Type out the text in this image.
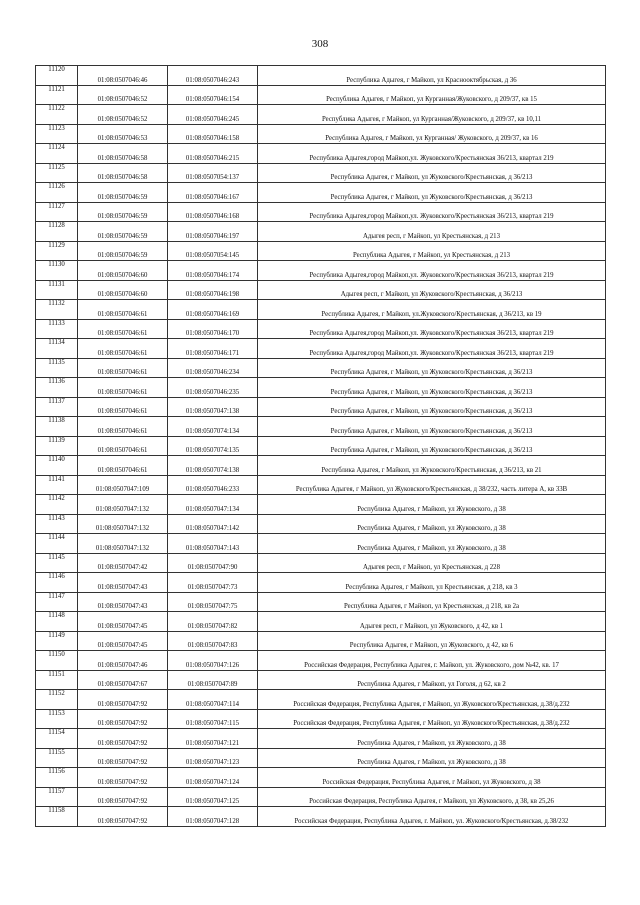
308
11120	01:08:0507046:46	01:08:0507046:243	Республика Адыгея, г Майкоп, ул Краснооктябрьская, д 36
11121	01:08:0507046:52	01:08:0507046:154	Республика Адыгея, г Майкоп, ул Курганная/Жуковского, д 209/37, кв 15
11122	01:08:0507046:52	01:08:0507046:245	Республика Адыгея, г Майкоп, ул Курганная/Жуковского, д 209/37, кв 10,11
11123	01:08:0507046:53	01:08:0507046:158	Республика Адыгея, г Майкоп, ул Курганная/ Жуковского, д 209/37, кв 16
11124	01:08:0507046:58	01:08:0507046:215	Республика Адыгея,город Майкоп,ул. Жуковского/Крестьянская 36/213, квартал 219
11125	01:08:0507046:58	01:08:0507054:137	Республика Адыгея, г Майкоп, ул Жуковского/Крестьянская, д 36/213
11126	01:08:0507046:59	01:08:0507046:167	Республика Адыгея, г Майкоп, ул Жуковского/Крестьянская, д 36/213
11127	01:08:0507046:59	01:08:0507046:168	Республика Адыгея,город Майкоп,ул. Жуковского/Крестьянская 36/213, квартал 219
11128	01:08:0507046:59	01:08:0507046:197	Адыгея респ, г Майкоп, ул Крестьянская, д 213
11129	01:08:0507046:59	01:08:0507054:145	Республика Адыгея, г Майкоп, ул Крестьянская, д 213
11130	01:08:0507046:60	01:08:0507046:174	Республика Адыгея,город Майкоп,ул. Жуковского/Крестьянская 36/213, квартал 219
11131	01:08:0507046:60	01:08:0507046:198	Адыгея респ, г Майкоп, ул Жуковского/Крестьянская, д 36/213
11132	01:08:0507046:61	01:08:0507046:169	Республика Адыгея, г Майкоп, ул.Жуковского/Крестьянская, д 36/213, кв 19
11133	01:08:0507046:61	01:08:0507046:170	Республика Адыгея,город Майкоп,ул. Жуковского/Крестьянская 36/213, квартал 219
11134	01:08:0507046:61	01:08:0507046:171	Республика Адыгея,город Майкоп,ул. Жуковского/Крестьянская 36/213, квартал 219
11135	01:08:0507046:61	01:08:0507046:234	Республика Адыгея, г Майкоп, ул Жуковского/Крестьянская, д 36/213
11136	01:08:0507046:61	01:08:0507046:235	Республика Адыгея, г Майкоп, ул Жуковского/Крестьянская, д 36/213
11137	01:08:0507046:61	01:08:0507047:138	Республика Адыгея, г Майкоп, ул Жуковского/Крестьянская, д 36/213
11138	01:08:0507046:61	01:08:0507074:134	Республика Адыгея, г Майкоп, ул Жуковского/Крестьянская, д 36/213
11139	01:08:0507046:61	01:08:0507074:135	Республика Адыгея, г Майкоп, ул Жуковского/Крестьянская, д 36/213
11140	01:08:0507046:61	01:08:0507074:138	Республика Адыгея, г Майкоп, ул Жуковского/Крестьянская, д 36/213, кв 21
11141	01:08:0507047:109	01:08:0507046:233	Республика Адыгея, г Майкоп, ул Жуковского/Крестьянская, д 38/232, часть литера А, кв 33В
11142	01:08:0507047:132	01:08:0507047:134	Республика Адыгея, г Майкоп, ул Жуковского, д 38
11143	01:08:0507047:132	01:08:0507047:142	Республика Адыгея, г Майкоп, ул Жуковского, д 38
11144	01:08:0507047:132	01:08:0507047:143	Республика Адыгея, г Майкоп, ул Жуковского, д 38
11145	01:08:0507047:42	01:08:0507047:90	Адыгея респ, г Майкоп, ул Крестьянская, д 228
11146	01:08:0507047:43	01:08:0507047:73	Республика Адыгея, г Майкоп, ул Крестьянская, д 218, кв 3
11147	01:08:0507047:43	01:08:0507047:75	Республика Адыгея, г Майкоп, ул Крестьянская, д 218, кв 2а
11148	01:08:0507047:45	01:08:0507047:82	Адыгея респ, г Майкоп, ул Жуковского, д 42, кв 1
11149	01:08:0507047:45	01:08:0507047:83	Республика Адыгея, г Майкоп, ул Жуковского, д 42, кв 6
11150	01:08:0507047:46	01:08:0507047:126	Российская Федерация, Республика Адыгея, г. Майкоп, ул. Жуковского, дом №42, кв. 17
11151	01:08:0507047:67	01:08:0507047:89	Республика Адыгея, г Майкоп, ул Гоголя, д 62, кв 2
11152	01:08:0507047:92	01:08:0507047:114	Российская Федерация, Республика Адыгея, г Майкоп, ул Жуковского/Крестьянская, д.38/д.232
11153	01:08:0507047:92	01:08:0507047:115	Российская Федерация, Республика Адыгея, г Майкоп, ул Жуковского/Крестьянская, д.38/д.232
11154	01:08:0507047:92	01:08:0507047:121	Республика Адыгея, г Майкоп, ул Жуковского, д 38
11155	01:08:0507047:92	01:08:0507047:123	Республика Адыгея, г Майкоп, ул Жуковского, д 38
11156	01:08:0507047:92	01:08:0507047:124	Российская Федерация, Республика Адыгея, г Майкоп, ул Жуковского, д 38
11157	01:08:0507047:92	01:08:0507047:125	Российская Федерация, Республика Адыгея, г Майкоп, ул Жуковского, д 38, кв 25,26
11158	01:08:0507047:92	01:08:0507047:128	Российская Федерация, Республика Адыгея, г. Майкоп, ул. Жуковского/Крестьянская, д.38/232
